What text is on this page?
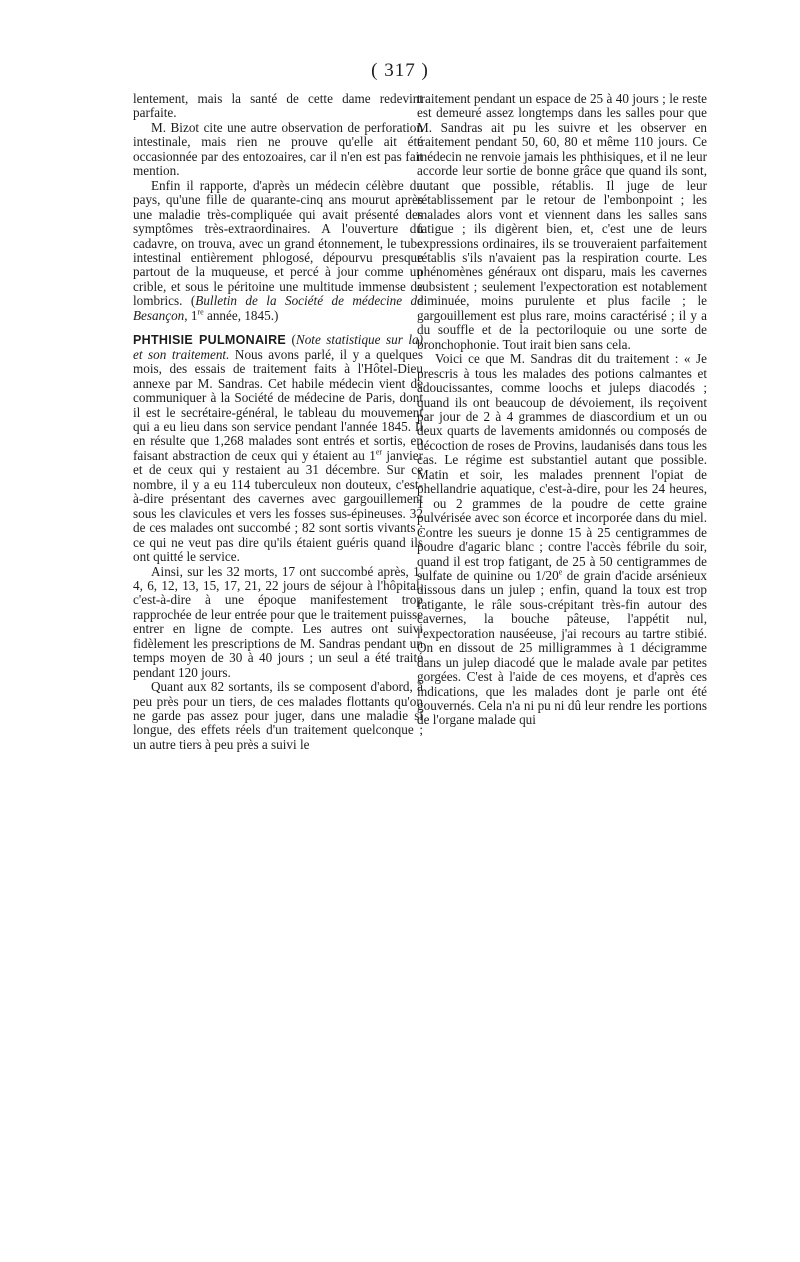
( 317 )

lentement, mais la santé de cette dame redevint parfaite.

M. Bizot cite une autre observation de perforation intestinale, mais rien ne prouve qu'elle ait été occasionnée par des entozoaires, car il n'en est pas fait mention.

Enfin il rapporte, d'après un médecin célèbre du pays, qu'une fille de quarante-cinq ans mourut après une maladie très-compliquée qui avait présenté des symptômes très-extraordinaires. A l'ouverture du cadavre, on trouva, avec un grand étonnement, le tube intestinal entièrement phlogosé, dépourvu presque partout de la muqueuse, et percé à jour comme un crible, et sous le péritoine une multitude immense de lombrics. (Bulletin de la Société de médecine de Besançon, 1re année, 1845.)

PHTHISIE PULMONAIRE (Note statistique sur la) et son traitement. Nous avons parlé, il y a quelques mois, des essais de traitement faits à l'Hôtel-Dieu annexe par M. Sandras. Cet habile médecin vient de communiquer à la Société de médecine de Paris, dont il est le secrétaire-général, le tableau du mouvement qui a eu lieu dans son service pendant l'année 1845. Il en résulte que 1,268 malades sont entrés et sortis, en faisant abstraction de ceux qui y étaient au 1er janvier et de ceux qui y restaient au 31 décembre. Sur ce nombre, il y a eu 114 tuberculeux non douteux, c'est-à-dire présentant des cavernes avec gargouillement sous les clavicules et vers les fosses sus-épineuses. 32 de ces malades ont succombé ; 82 sont sortis vivants ; ce qui ne veut pas dire qu'ils étaient guéris quand ils ont quitté le service.

Ainsi, sur les 32 morts, 17 ont succombé après, 1, 4, 6, 12, 13, 15, 17, 21, 22 jours de séjour à l'hôpital, c'est-à-dire à une époque manifestement trop rapprochée de leur entrée pour que le traitement puisse entrer en ligne de compte. Les autres ont suivi fidèlement les prescriptions de M. Sandras pendant un temps moyen de 30 à 40 jours ; un seul a été traité pendant 120 jours.

Quant aux 82 sortants, ils se composent d'abord, à peu près pour un tiers, de ces malades flottants qu'on ne garde pas assez pour juger, dans une maladie si longue, des effets réels d'un traitement quelconque ; un autre tiers à peu près a suivi le

traitement pendant un espace de 25 à 40 jours ; le reste est demeuré assez longtemps dans les salles pour que M. Sandras ait pu les suivre et les observer en traitement pendant 50, 60, 80 et même 110 jours. Ce médecin ne renvoie jamais les phthisiques, et il ne leur accorde leur sortie de bonne grâce que quand ils sont, autant que possible, rétablis. Il juge de leur rétablissement par le retour de l'embonpoint ; les malades alors vont et viennent dans les salles sans fatigue ; ils digèrent bien, et, c'est une de leurs expressions ordinaires, ils se trouveraient parfaitement rétablis s'ils n'avaient pas la respiration courte. Les phénomènes généraux ont disparu, mais les cavernes subsistent ; seulement l'expectoration est notablement diminuée, moins purulente et plus facile ; le gargouillement est plus rare, moins caractérisé ; il y a du souffle et de la pectoriloquie ou une sorte de bronchophonie. Tout irait bien sans cela.

Voici ce que M. Sandras dit du traitement : « Je prescris à tous les malades des potions calmantes et adoucissantes, comme loochs et juleps diacodés ; quand ils ont beaucoup de dévoiement, ils reçoivent par jour de 2 à 4 grammes de diascordium et un ou deux quarts de lavements amidonnés ou composés de décoction de roses de Provins, laudanisés dans tous les cas. Le régime est substantiel autant que possible. Matin et soir, les malades prennent l'opiat de phellandrie aquatique, c'est-à-dire, pour les 24 heures, 1 ou 2 grammes de la poudre de cette graine pulvérisée avec son écorce et incorporée dans du miel. Contre les sueurs je donne 15 à 25 centigrammes de poudre d'agaric blanc ; contre l'accès fébrile du soir, quand il est trop fatigant, de 25 à 50 centigrammes de sulfate de quinine ou 1/20e de grain d'acide arsénieux dissous dans un julep ; enfin, quand la toux est trop fatigante, le râle sous-crépitant très-fin autour des cavernes, la bouche pâteuse, l'appétit nul, l'expectoration nauséeuse, j'ai recours au tartre stibié. On en dissout de 25 milligrammes à 1 décigramme dans un julep diacodé que le malade avale par petites gorgées. C'est à l'aide de ces moyens, et d'après ces indications, que les malades dont je parle ont été gouvernés. Cela n'a ni pu ni dû leur rendre les portions de l'organe malade qui
